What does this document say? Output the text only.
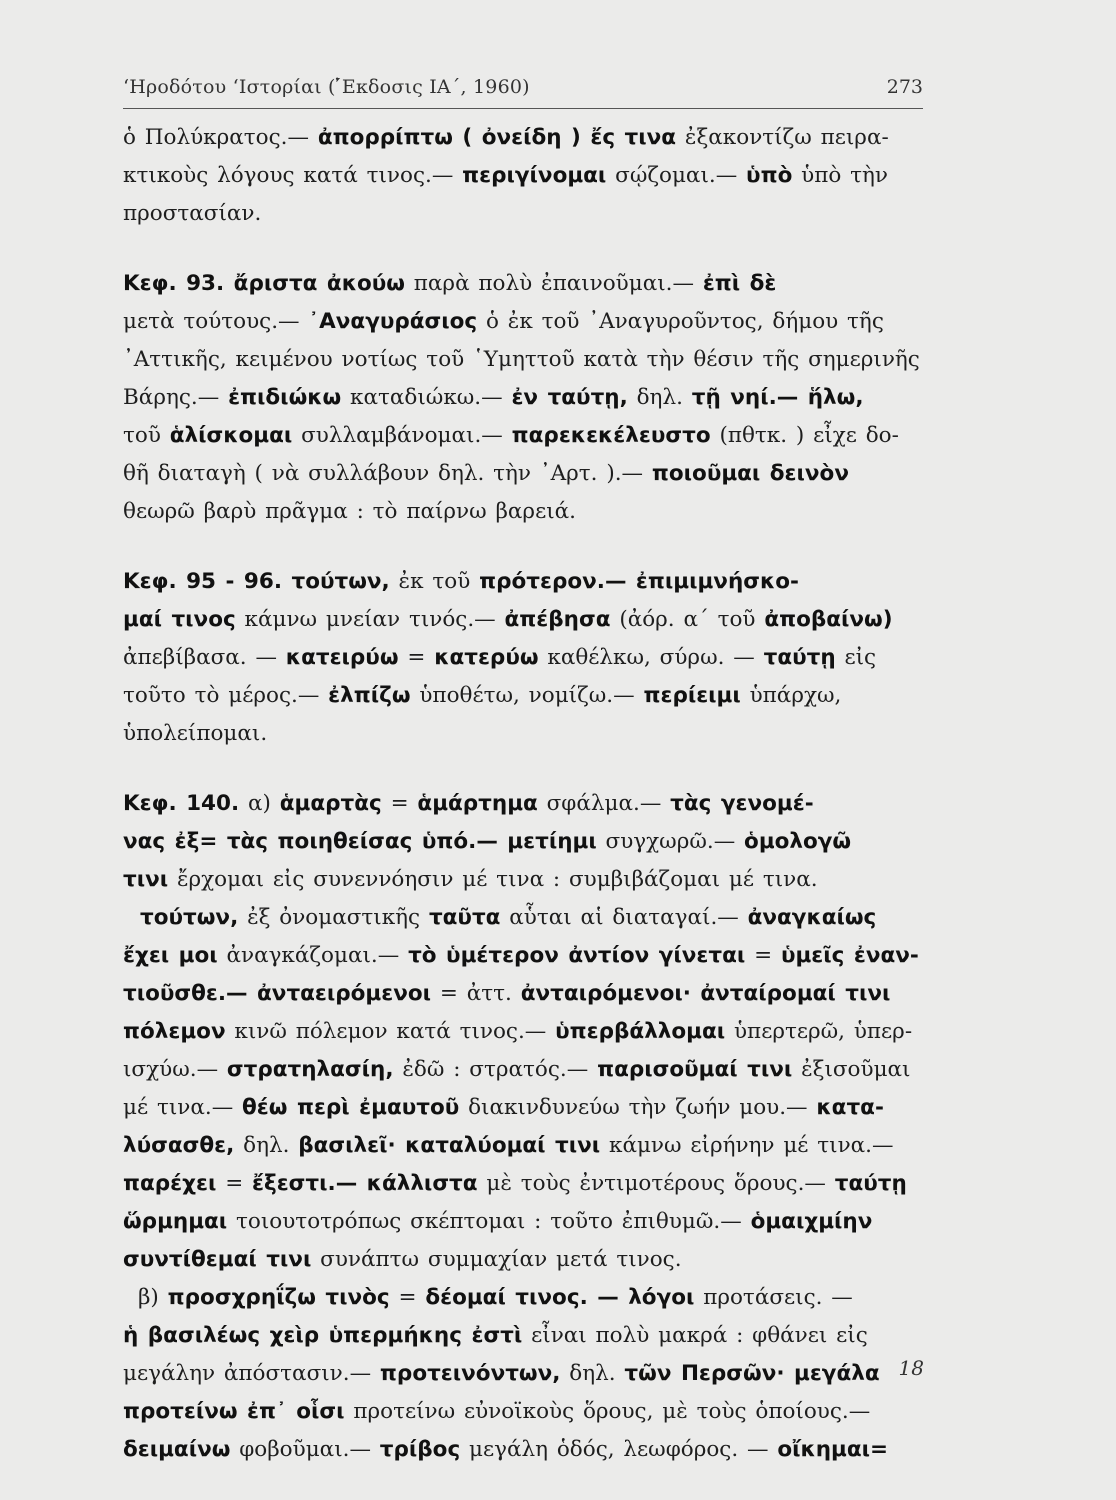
‘Ηροδότου ‘Ιστορίαι ( ̓́Εκδοσις ΙΑ΄, 1960)	273
ὁ Πολύκρατος.— ἀπορρίπτω ( ὀνείδη ) ἔς τινα ἐξακοντίζω πειρα-
κτικοὺς λόγους κατά τινος.— περιγίνομαι σῴζομαι.— ὑπὸ ὑπὸ τὴν
προστασίαν.
Κεφ. 93. ἄριστα ἀκούω παρὰ πολὺ ἐπαινοῦμαι.— ἐπὶ δὲ
μετὰ τούτους.— ᾿Αναγυράσιος ὁ ἐκ τοῦ ᾿Αναγυροῦντος, δήμου τῆς
᾿Αττικῆς, κειμένου νοτίως τοῦ ῾Υμηττοῦ κατὰ τὴν θέσιν τῆς σημερινῆς
Βάρης.— ἐπιδιώκω καταδιώκω.— ἐν ταύτῃ, δηλ. τῇ νηί.— ἥλω,
τοῦ ἁλίσκομαι συλλαμβάνομαι.— παρεκεκέλευστο (πθτκ. ) εἶχε δο-
θῆ διαταγὴ ( νὰ συλλάβουν δηλ. τὴν ᾿Αρτ. ).— ποιοῦμαι δεινὸν
θεωρῶ βαρὺ πρᾶγμα : τὸ παίρνω βαρειά.
Κεφ. 95 - 96. τούτων, ἐκ τοῦ πρότερον.— ἐπιμιμνήσκο-
μαί τινος κάμνω μνείαν τινός.— ἀπέβησα (ἀόρ. α΄ τοῦ ἀποβαίνω)
ἀπεβίβασα. — κατειρύω = κατερύω καθέλκω, σύρω. — ταύτῃ εἰς
τοῦτο τὸ μέρος.— ἐλπίζω ὑποθέτω, νομίζω.— περίειμι ὑπάρχω,
ὑπολείπομαι.
Κεφ. 140. α) ἁμαρτὰς = ἁμάρτημα σφάλμα.— τὰς γενομέ-
νας ἐξ= τὰς ποιηθείσας ὑπό.— μετίημι συγχωρῶ.— ὁμολογῶ
τινι ἔρχομαι εἰς συνεννόησιν μέ τινα : συμβιβάζομαι μέ τινα.
τούτων, ἐξ ὀνομαστικῆς ταῦτα αὗται αἱ διαταγαί.— ἀναγκαίως
ἔχει μοι ἀναγκάζομαι.— τὸ ὑμέτερον ἀντίον γίνεται = ὑμεῖς ἐναν-
τιοῦσθε.— ἀνταειρόμενοι = ἀττ. ἀνταιρόμενοι· ἀνταίρομαί τινι
πόλεμον κινῶ πόλεμον κατά τινος.— ὑπερβάλλομαι ὑπερτερῶ, ὑπερ-
ισχύω.— στρατηλασίη, ἐδῶ : στρατός.— παρισοῦμαί τινι ἐξισοῦμαι
μέ τινα.— θέω περὶ ἐμαυτοῦ διακινδυνεύω τὴν ζωήν μου.— κατα-
λύσασθε, δηλ. βασιλεῖ· καταλύομαί τινι κάμνω εἰρήνην μέ τινα.—
παρέχει = ἔξεστι.— κάλλιστα μὲ τοὺς ἐντιμοτέρους ὅρους.— ταύτῃ
ὥρμημαι τοιουτοτρόπως σκέπτομαι : τοῦτο ἐπιθυμῶ.— ὁμαιχμίην
συντίθεμαί τινι συνάπτω συμμαχίαν μετά τινος.
β) προσχρηΐζω τινὸς = δέομαί τινος. — λόγοι προτάσεις. —
ἡ βασιλέως χεὶρ ὑπερμήκης ἐστὶ εἶναι πολὺ μακρά : φθάνει εἰς
μεγάλην ἀπόστασιν.— προτεινόντων, δηλ. τῶν Περσῶν· μεγάλα
προτείνω ἐπ᾿ οἷσι προτείνω εὐνοϊκοὺς ὅρους, μὲ τοὺς ὁποίους.—
δειμαίνω φοβοῦμαι.— τρίβος μεγάλη ὁδός, λεωφόρος. — οἴκημαι=
18
